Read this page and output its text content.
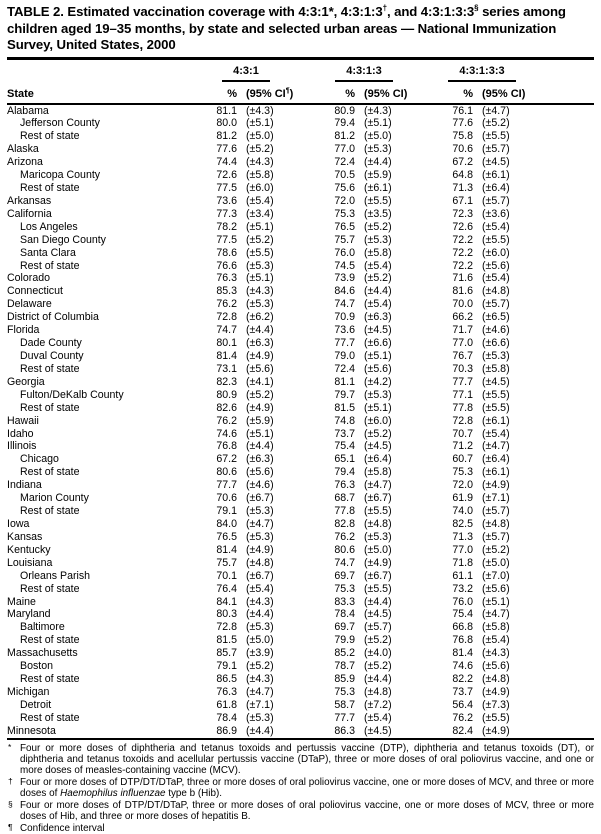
TABLE 2. Estimated vaccination coverage with 4:3:1*, 4:3:1:3†, and 4:3:1:3:3§ series among children aged 19–35 months, by state and selected urban areas — National Immunization Survey, United States, 2000
State	4:3:1		4:3:1:3		4:3:1:3:3		
	%	(95% CI¶)	%	(95% CI)	%	(95% CI)	
Alabama	81.1	(±4.3)	80.9	(±4.3)	76.1	(±4.7)	
Jefferson County	80.0	(±5.1)	79.4	(±5.1)	77.6	(±5.2)	
Rest of state	81.2	(±5.0)	81.2	(±5.0)	75.8	(±5.5)	
Alaska	77.6	(±5.2)	77.0	(±5.3)	70.6	(±5.7)	
Arizona	74.4	(±4.3)	72.4	(±4.4)	67.2	(±4.5)	
Maricopa County	72.6	(±5.8)	70.5	(±5.9)	64.8	(±6.1)	
Rest of state	77.5	(±6.0)	75.6	(±6.1)	71.3	(±6.4)	
Arkansas	73.6	(±5.4)	72.0	(±5.5)	67.1	(±5.7)	
California	77.3	(±3.4)	75.3	(±3.5)	72.3	(±3.6)	
Los Angeles	78.2	(±5.1)	76.5	(±5.2)	72.6	(±5.4)	
San Diego County	77.5	(±5.2)	75.7	(±5.3)	72.2	(±5.5)	
Santa Clara	78.6	(±5.5)	76.0	(±5.8)	72.2	(±6.0)	
Rest of state	76.6	(±5.3)	74.5	(±5.4)	72.2	(±5.6)	
Colorado	76.3	(±5.1)	73.9	(±5.2)	71.6	(±5.4)	
Connecticut	85.3	(±4.3)	84.6	(±4.4)	81.6	(±4.8)	
Delaware	76.2	(±5.3)	74.7	(±5.4)	70.0	(±5.7)	
District of Columbia	72.8	(±6.2)	70.9	(±6.3)	66.2	(±6.5)	
Florida	74.7	(±4.4)	73.6	(±4.5)	71.7	(±4.6)	
Dade County	80.1	(±6.3)	77.7	(±6.6)	77.0	(±6.6)	
Duval County	81.4	(±4.9)	79.0	(±5.1)	76.7	(±5.3)	
Rest of state	73.1	(±5.6)	72.4	(±5.6)	70.3	(±5.8)	
Georgia	82.3	(±4.1)	81.1	(±4.2)	77.7	(±4.5)	
Fulton/DeKalb County	80.9	(±5.2)	79.7	(±5.3)	77.1	(±5.5)	
Rest of state	82.6	(±4.9)	81.5	(±5.1)	77.8	(±5.5)	
Hawaii	76.2	(±5.9)	74.8	(±6.0)	72.8	(±6.1)	
Idaho	74.6	(±5.1)	73.7	(±5.2)	70.7	(±5.4)	
Illinois	76.8	(±4.4)	75.4	(±4.5)	71.2	(±4.7)	
Chicago	67.2	(±6.3)	65.1	(±6.4)	60.7	(±6.4)	
Rest of state	80.6	(±5.6)	79.4	(±5.8)	75.3	(±6.1)	
Indiana	77.7	(±4.6)	76.3	(±4.7)	72.0	(±4.9)	
Marion County	70.6	(±6.7)	68.7	(±6.7)	61.9	(±7.1)	
Rest of state	79.1	(±5.3)	77.8	(±5.5)	74.0	(±5.7)	
Iowa	84.0	(±4.7)	82.8	(±4.8)	82.5	(±4.8)	
Kansas	76.5	(±5.3)	76.2	(±5.3)	71.3	(±5.7)	
Kentucky	81.4	(±4.9)	80.6	(±5.0)	77.0	(±5.2)	
Louisiana	75.7	(±4.8)	74.7	(±4.9)	71.8	(±5.0)	
Orleans Parish	70.1	(±6.7)	69.7	(±6.7)	61.1	(±7.0)	
Rest of state	76.4	(±5.4)	75.3	(±5.5)	73.2	(±5.6)	
Maine	84.1	(±4.3)	83.3	(±4.4)	76.0	(±5.1)	
Maryland	80.3	(±4.4)	78.4	(±4.5)	75.4	(±4.7)	
Baltimore	72.8	(±5.3)	69.7	(±5.7)	66.8	(±5.8)	
Rest of state	81.5	(±5.0)	79.9	(±5.2)	76.8	(±5.4)	
Massachusetts	85.7	(±3.9)	85.2	(±4.0)	81.4	(±4.3)	
Boston	79.1	(±5.2)	78.7	(±5.2)	74.6	(±5.6)	
Rest of state	86.5	(±4.3)	85.9	(±4.4)	82.2	(±4.8)	
Michigan	76.3	(±4.7)	75.3	(±4.8)	73.7	(±4.9)	
Detroit	61.8	(±7.1)	58.7	(±7.2)	56.4	(±7.3)	
Rest of state	78.4	(±5.3)	77.7	(±5.4)	76.2	(±5.5)	
Minnesota	86.9	(±4.4)	86.3	(±4.5)	82.4	(±4.9)	
* Four or more doses of diphtheria and tetanus toxoids and pertussis vaccine (DTP), diphtheria and tetanus toxoids (DT), or diphtheria and tetanus toxoids and acellular pertussis vaccine (DTaP), three or more doses of oral poliovirus vaccine, and one or more doses of measles-containing vaccine (MCV).
† Four or more doses of DTP/DT/DTaP, three or more doses of oral poliovirus vaccine, one or more doses of MCV, and three or more doses of Haemophilus influenzae type b (Hib).
§ Four or more doses of DTP/DT/DTaP, three or more doses of oral poliovirus vaccine, one or more doses of MCV, three or more doses of Hib, and three or more doses of hepatitis B.
¶ Confidence interval
